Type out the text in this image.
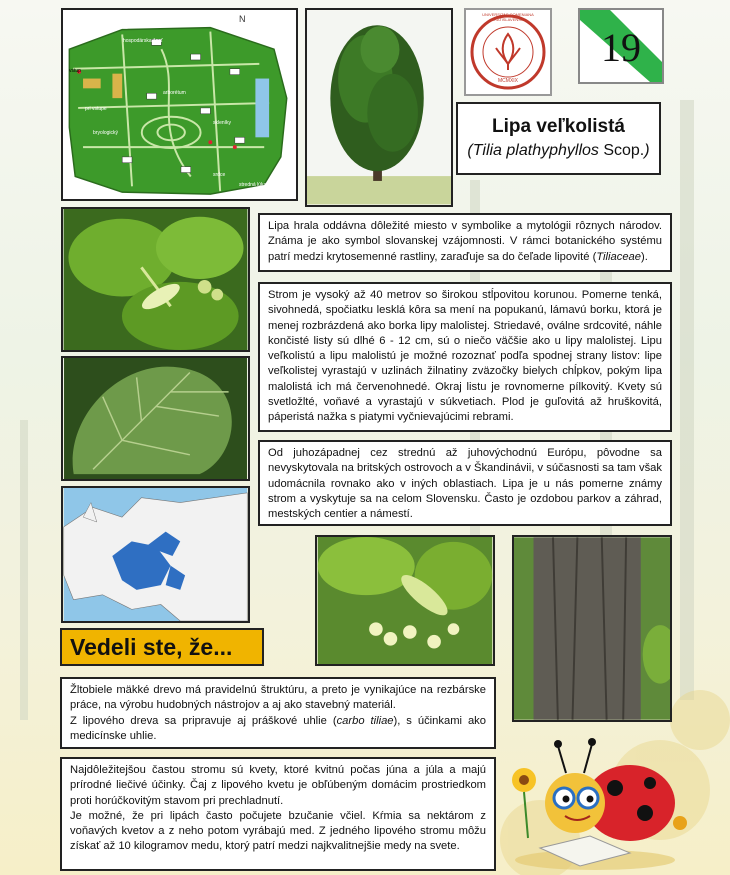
N
vstup
hospodárska časť
bryologický
pri vstupe
skleníky
srdce
arborétum
stredná lúka
UNIVERSITAS COMENIANA BRATISLAVENSIS
MCMXIX
19
Lipa veľkolistá
(Tilia plathyphyllos Scop.)

Lipa hrala oddávna dôležité miesto v symbolike a mytológii rôznych národov. Známa je ako symbol slovanskej vzájomnosti. V rámci botanického systému patrí medzi krytosemenné rastliny, zaraďuje sa do čeľade lipovité (Tiliaceae).

Strom je vysoký až 40 metrov so širokou stĺpovitou korunou. Pomerne tenká, sivohnedá, spočiatku lesklá kôra sa mení na popukanú, lámavú borku, ktorá je menej rozbrázdená ako borka lipy malolistej. Striedavé, oválne srdcovité, náhle končisté listy sú dlhé 6 - 12 cm, sú o niečo väčšie ako u lipy malolistej. Lipu veľkolistú a lipu malolistú je možné rozoznať podľa spodnej strany listov: lipe veľkolistej vyrastajú v uzlinách žilnatiny zväzočky bielych chĺpkov, pokým lipa malolistá ich má červenohnedé. Okraj listu je rovnomerne pílkovitý. Kvety sú svetložlté, voňavé a vyrastajú v súkvetiach. Plod je guľovitá až hruškovitá, páperistá nažka s piatymi vyčnievajúcimi rebrami.

Od juhozápadnej cez strednú až juhovýchodnú Európu, pôvodne sa nevyskytovala na britských ostrovoch a v Škandinávii, v súčasnosti sa tam však udomácnila rovnako ako v iných oblastiach. Lipa je u nás pomerne známy strom a vyskytuje sa na celom Slovensku. Často je ozdobou parkov a záhrad, mestských centier a námestí.

Vedeli ste, že...

Žltobiele mäkké drevo má pravidelnú štruktúru, a preto je vynikajúce na rezbárske práce, na výrobu hudobných nástrojov a aj ako stavebný materiál.

Z lipového dreva sa pripravuje aj práškové uhlie (carbo tiliae), s účinkami ako medicínske uhlie.

Najdôležitejšou častou stromu sú kvety, ktoré kvitnú počas júna a júla a majú prírodné liečivé účinky. Čaj z lipového kvetu je obľúbeným domácim prostriedkom proti horúčkovitým stavom pri prechladnutí.

Je možné, že pri lipách často počujete bzučanie včiel. Kŕmia sa nektárom z voňavých kvetov a z neho potom vyrábajú med. Z jedného lipového stromu môžu získať až 10 kilogramov medu, ktorý patrí medzi najkvalitnejšie medy na svete.
